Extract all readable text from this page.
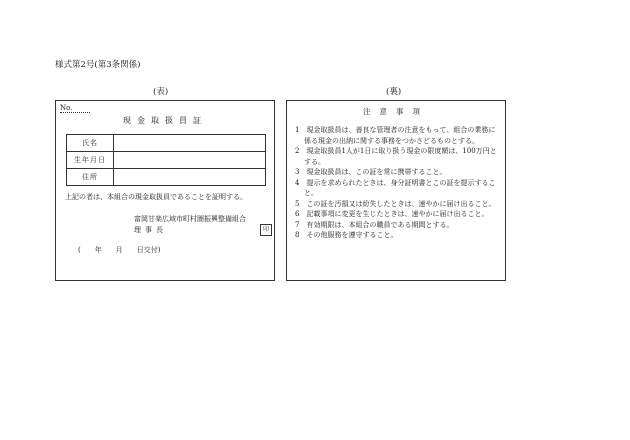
様式第2号(第3条関係)
(表)	(裏)
No.
現金取扱員証
氏名	
生年月日	
住所	
上記の者は、本組合の現金取扱員であることを証明する。
富岡甘楽広域市町村圏振興整備組合
理事長	印
(　　年　　月　　日交付)
注意事項
1　現金取扱員は、善良な管理者の注意をもって、組合の業務に係る現金の出納に関する事務をつかさどるものとする。
2　現金取扱員1人が1日に取り扱う現金の限度額は、100万円とする。
3　現金取扱員は、この証を常に携帯すること。
4　提示を求められたときは、身分証明書とこの証を提示すること。
5　この証を汚損又は紛失したときは、速やかに届け出ること。
6　記載事項に変更を生じたときは、速やかに届け出ること。
7　有効期限は、本組合の職員である期間とする。
8　その他服務を遵守すること。
